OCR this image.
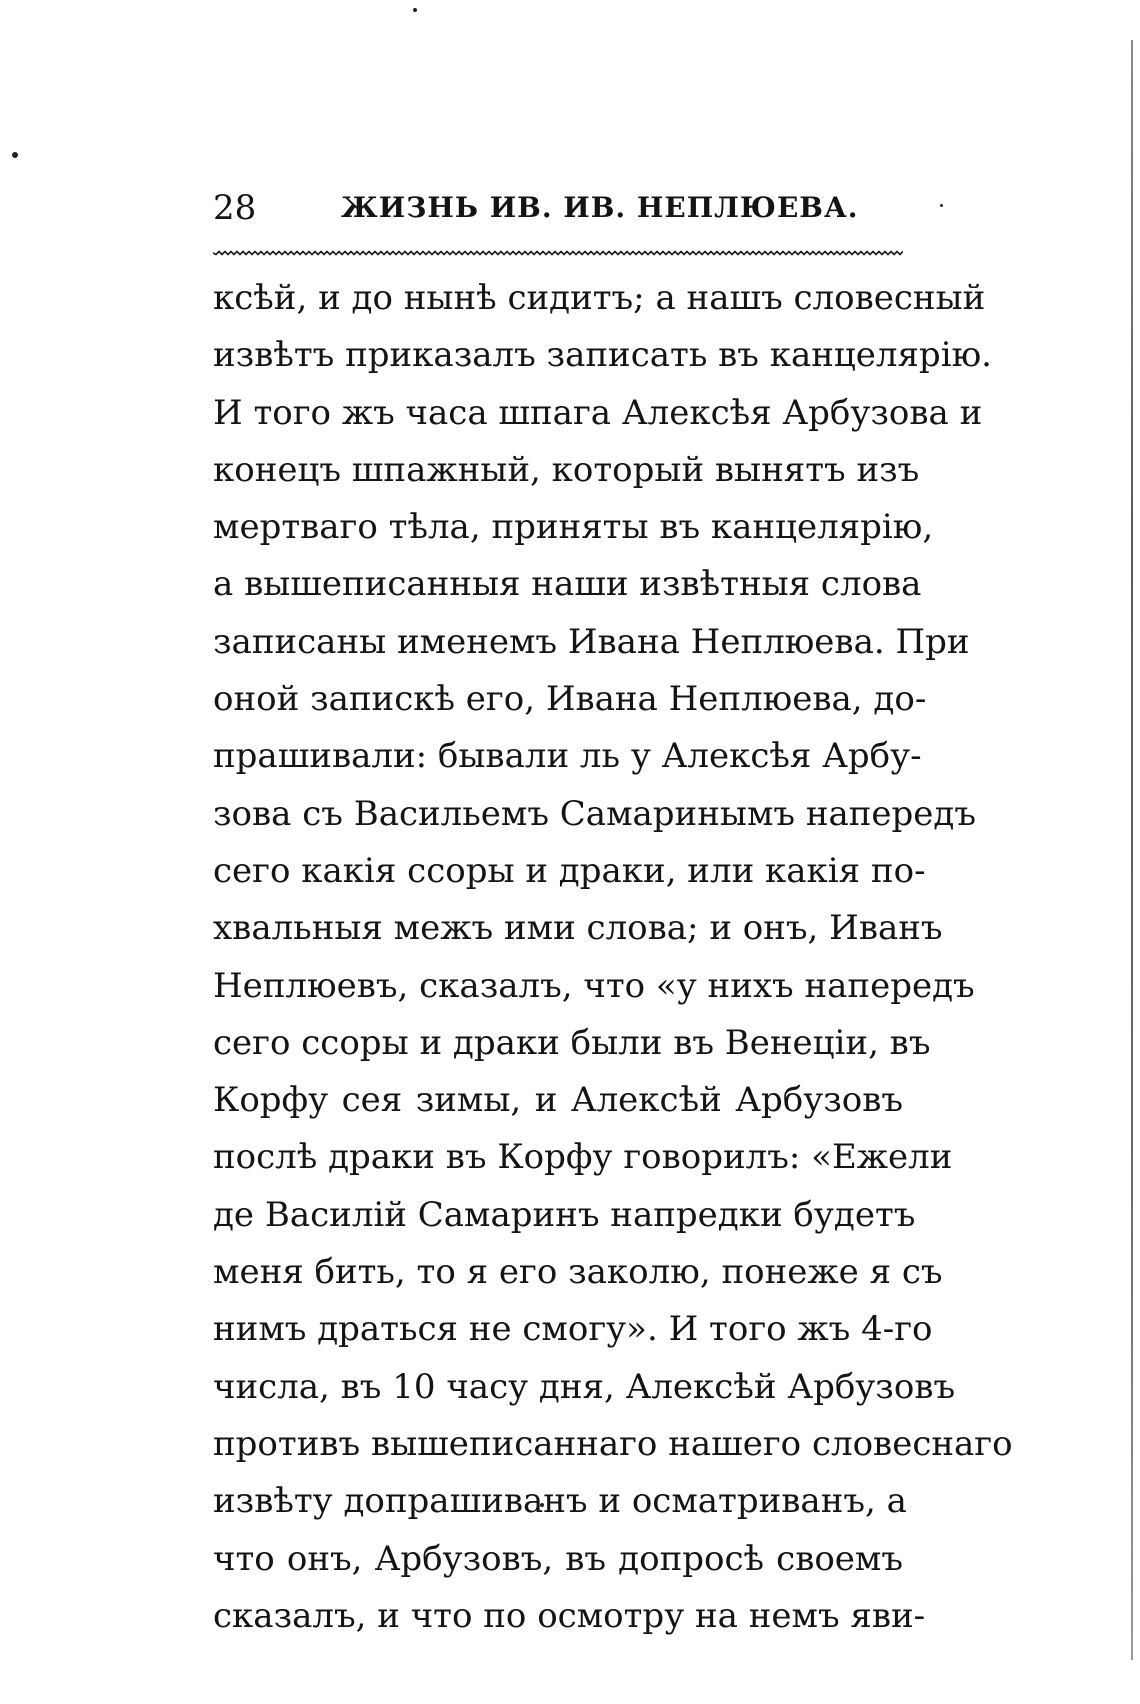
28	ЖИЗНЬ ИВ. ИВ. НЕПЛЮЕВА.
ксѣй, и до нынѣ сидитъ; а нашъ словесный
извѣтъ приказалъ записать въ канцелярію.
И того жъ часа шпага Алексѣя Арбузова и
конецъ шпажный, который вынятъ изъ
мертваго тѣла, приняты въ канцелярію,
а вышеписанныя наши извѣтныя слова
записаны именемъ Ивана Неплюева. При
оной запискѣ его, Ивана Неплюева, до-
прашивали: бывали ль у Алексѣя Арбу-
зова съ Васильемъ Самаринымъ напередъ
сего какія ссоры и драки, или какія по-
хвальныя межъ ими слова; и онъ, Иванъ
Неплюевъ, сказалъ, что «у нихъ напередъ
сего ссоры и драки были въ Венеціи, въ
Корфу сея зимы, и Алексѣй Арбузовъ
послѣ драки въ Корфу говорилъ: «Ежели
де Василій Самаринъ напредки будетъ
меня бить, то я его заколю, понеже я съ
нимъ драться не смогу». И того жъ 4-го
числа, въ 10 часу дня, Алексѣй Арбузовъ
противъ вышеписаннаго нашего словеснаго
извѣту допрашиванъ и осматриванъ, а
что онъ, Арбузовъ, въ допросѣ своемъ
сказалъ, и что по осмотру на немъ яви-
